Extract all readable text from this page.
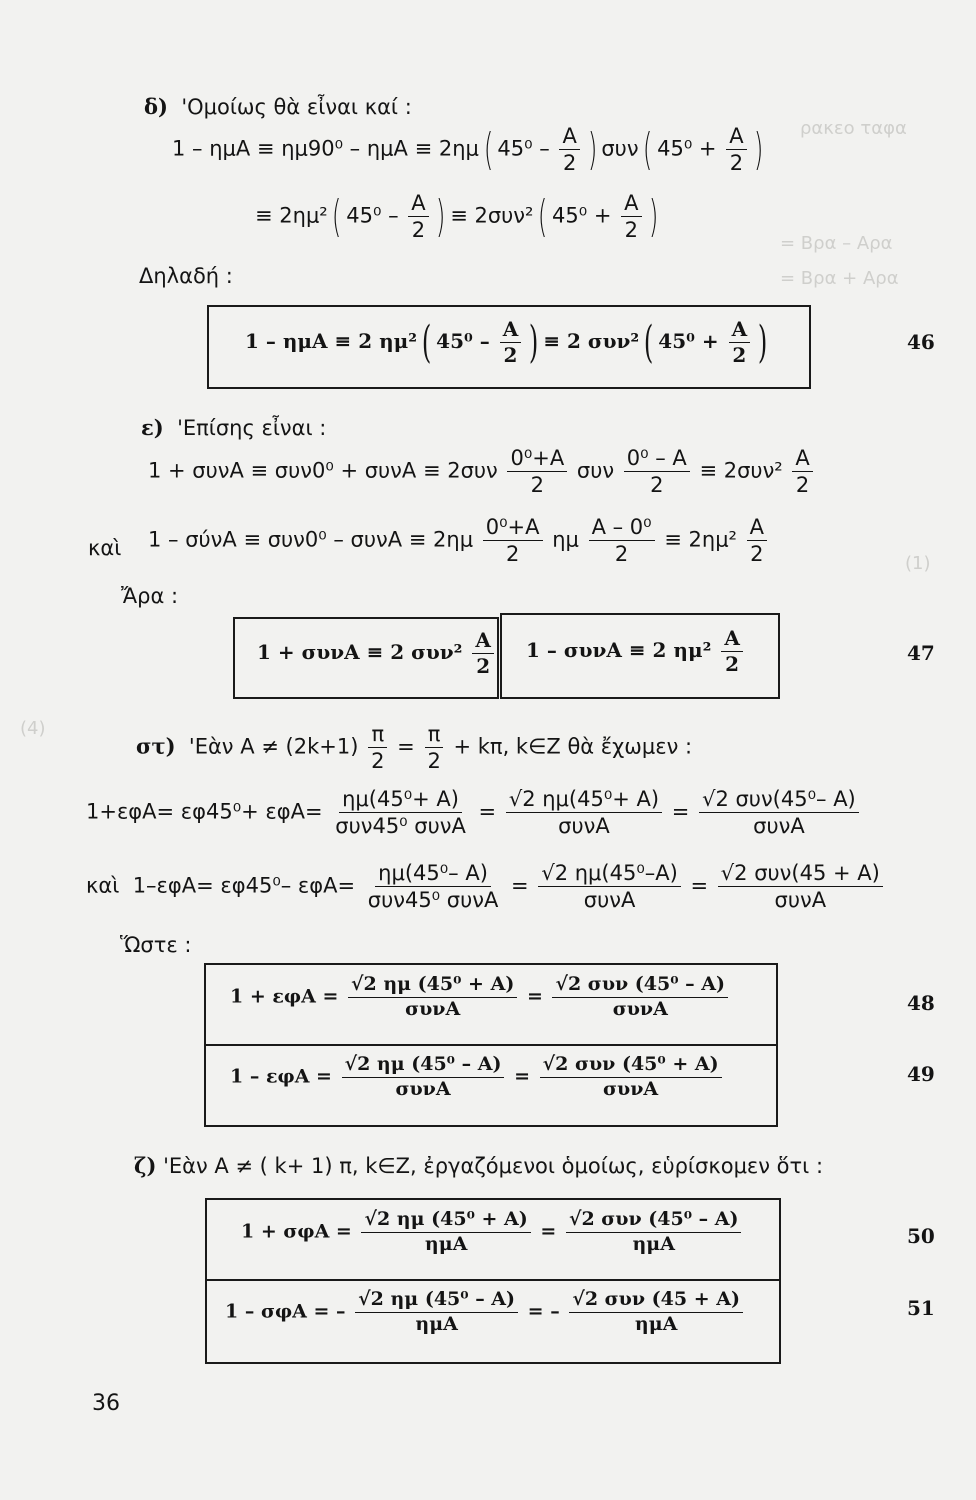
ρακεο ταφα
= Βρα – Αρα
= Βρα + Αρα
(4)
(1)
δ) 'Ομοίως θὰ εἶναι καί :
1 – ημA ≡ ημ90⁰ – ημA ≡ 2ημ ( $45^0 - \frac{A}{2}$ ) συν ( $45^0 + \frac{A}{2}$ )
≡ 2ημ² ( $45^0 - \frac{A}{2}$ ) ≡ 2συν² ( $45^0 + \frac{A}{2}$ )
Δηλαδή :
1 – ημA ≡ 2 ημ² ( $45^0 - \frac{A}{2}$ ) ≡ 2 συν² ( $45^0 + \frac{A}{2}$ )	46
ε) 'Επίσης εἶναι :
$1 + \sigma\upsilon\nu A \equiv \sigma\upsilon\nu 0^0 + \sigma\upsilon\nu A \equiv 2\sigma\upsilon\nu \frac{\text{0⁰+A}}{2}$ συν $\frac{\text{0⁰ – A}}{2} \equiv 2\sigma\upsilon\nu^2 \frac{A}{2}$
καὶ $1 - \sigma ύ\nu A \equiv \sigma\upsilon\nu 0^0 - \sigma\upsilon\nu A \equiv 2\eta\mu \frac{\text{0⁰+A}}{2}$ ημ $\frac{\text{A – 0⁰}}{2} \equiv 2\eta\mu^2 \frac{A}{2}$
Ἄρα :
1 + συνA ≡ 2 $\sigma\upsilon\nu^2 \frac{A}{2} 1 - \sigma\upsilon\nu A \equiv 2$ $\eta\mu^2 \frac{A}{2}$	47
στ) 'Εὰν $A \ne (2k+1) \frac{\pi}{2} = \frac{\pi}{2} + k\pi$, k∈Z θὰ ἔχωμεν :
$1+\varepsilon\varphi A= \varepsilon\varphi 45^0+ \varepsilon\varphi A= \frac{\text{ημ(45⁰+ A)}}{\text{συν45⁰ συνA}} = \frac{\text{√2 ημ(45⁰+ A)}}{\text{συνA}} = \frac{\text{√2 συν(45⁰– A)}}{\text{συνA}}$
καὶ 1–εφA= εφ45⁰– $\varepsilon\varphi A= \frac{\text{ημ(45⁰– A)}}{\text{συν45⁰ συνA}} = \frac{\text{√2 ημ(45⁰–A)}}{\text{συνA}} = \frac{\text{√2 συν(45 + A)}}{\text{συνA}}$
Ὥστε :
$1 + \varepsilon\varphi A = \frac{\text{√2 ημ (45⁰ + A)}}{\text{συνA}} = \frac{\text{√2 συν (45⁰ – A)}}{\text{συνA}}$
$1 - \varepsilon\varphi A = \frac{\text{√2 ημ (45⁰ – A)}}{\text{συνA}} = \frac{\text{√2 συν (45⁰ + A)}}{\text{συνA}}$
48
49
ζ) 'Εὰν A ≠ ( k+ 1) π, k∈Z, ἐργαζόμενοι ὁμοίως, εὑρίσκομεν ὅτι :
$1 + \sigma\varphi A = \frac{\text{√2 ημ (45⁰ + A)}}{\text{ημA}} = \frac{\text{√2 συν (45⁰ – A)}}{\text{ημA}}$
1 – σφA = – $\frac{\text{√2 ημ (45⁰ – A)}}{\text{ημA}}$ = – $\frac{\text{√2 συν (45 + A)}}{\text{ημA}}$
50
51
36
